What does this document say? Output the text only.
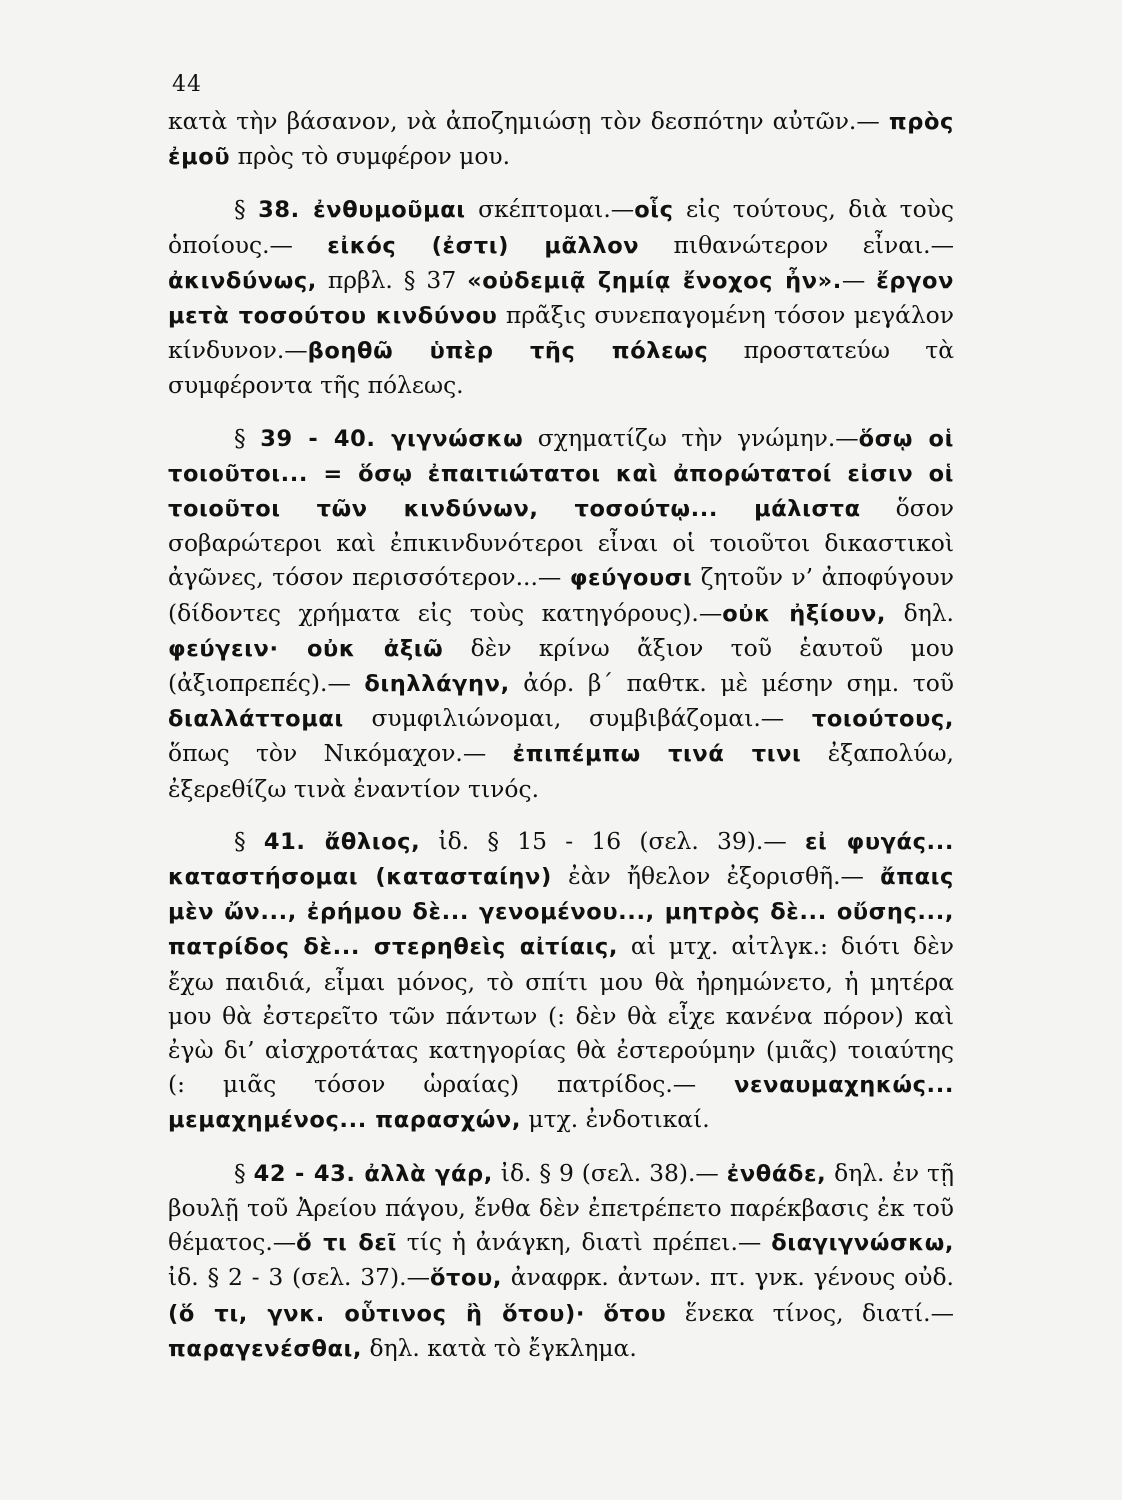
44

κατὰ τὴν βάσανον, νὰ ἀποζημιώσῃ τὸν δεσπότην αὐτῶν.— πρὸς ἐμοῦ πρὸς τὸ συμφέρον μου.

§ 38. ἐνθυμοῦμαι σκέπτομαι.—οἷς εἰς τούτους, διὰ τοὺς ὁποίους.— εἰκός (ἐστι) μᾶλλον πιθανώτερον εἶναι.— ἀκινδύνως, πρβλ. § 37 «οὐδεμιᾷ ζημίᾳ ἔνοχος ἦν».— ἔργον μετὰ τοσούτου κινδύνου πρᾶξις συνεπαγομένη τόσον μεγάλον κίνδυνον.—βοηθῶ ὑπὲρ τῆς πόλεως προστατεύω τὰ συμφέροντα τῆς πόλεως.

§ 39 - 40. γιγνώσκω σχηματίζω τὴν γνώμην.—ὅσῳ οἱ τοιοῦτοι... = ὅσῳ ἐπαιτιώτατοι καὶ ἀπορώτατοί εἰσιν οἱ τοιοῦτοι τῶν κινδύνων, τοσούτῳ... μάλιστα ὅσον σοβαρώτεροι καὶ ἐπικινδυνότεροι εἶναι οἱ τοιοῦτοι δικαστικοὶ ἀγῶνες, τόσον περισσότερον...— φεύγουσι ζητοῦν ν’ ἀποφύγουν (δίδοντες χρήματα εἰς τοὺς κατηγόρους).—οὐκ ἠξίουν, δηλ. φεύγειν· οὐκ ἀξιῶ δὲν κρίνω ἄξιον τοῦ ἑαυτοῦ μου (ἀξιοπρεπές).— διηλλάγην, ἀόρ. β΄ παθτκ. μὲ μέσην σημ. τοῦ διαλλάττομαι συμφιλιώνομαι, συμβιβάζομαι.— τοιούτους, ὅπως τὸν Νικόμαχον.— ἐπιπέμπω τινά τινι ἐξαπολύω, ἐξερεθίζω τινὰ ἐναντίον τινός.

§ 41. ἄθλιος, ἰδ. § 15 - 16 (σελ. 39).— εἰ φυγάς... καταστήσομαι (κατασταίην) ἐὰν ἤθελον ἐξορισθῆ.— ἄπαις μὲν ὤν..., ἐρήμου δὲ... γενομένου..., μητρὸς δὲ... οὔσης..., πατρίδος δὲ... στερηθεὶς αἰτίαις, αἱ μτχ. αἰτλγκ.: διότι δὲν ἔχω παιδιά, εἶμαι μόνος, τὸ σπίτι μου θὰ ἠρημώνετο, ἡ μητέρα μου θὰ ἐστερεῖτο τῶν πάντων (: δὲν θὰ εἶχε κανένα πόρον) καὶ ἐγὼ δι’ αἰσχροτάτας κατηγορίας θὰ ἐστερούμην (μιᾶς) τοιαύτης (: μιᾶς τόσον ὡραίας) πατρίδος.— νεναυμαχηκώς... μεμαχημένος... παρασχών, μτχ. ἐνδοτικαί.

§ 42 - 43. ἀλλὰ γάρ, ἰδ. § 9 (σελ. 38).— ἐνθάδε, δηλ. ἐν τῇ βουλῇ τοῦ Ἀρείου πάγου, ἔνθα δὲν ἐπετρέπετο παρέκβασις ἐκ τοῦ θέματος.—ὅ τι δεῖ τίς ἡ ἀνάγκη, διατὶ πρέπει.— διαγιγνώσκω, ἰδ. § 2 - 3 (σελ. 37).—ὅτου, ἀναφρκ. ἀντων. πτ. γνκ. γένους οὐδ. (ὅ τι, γνκ. οὗτινος ἢ ὅτου)· ὅτου ἕνεκα τίνος, διατί.—παραγενέσθαι, δηλ. κατὰ τὸ ἔγκλημα.
